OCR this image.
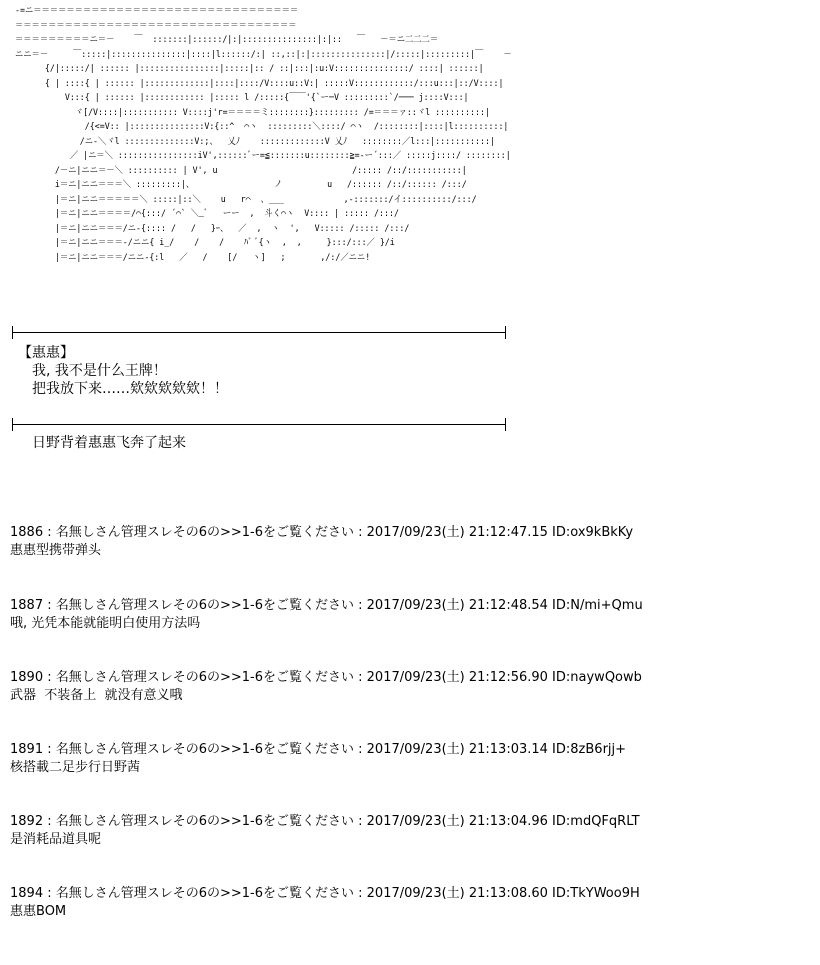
-=ニ＝＝＝＝＝＝＝＝＝＝＝＝＝＝＝＝＝＝＝＝＝＝＝＝＝＝＝＝＝＝＝＝
＝＝＝＝＝＝＝＝＝＝＝＝＝＝＝＝＝＝＝＝＝＝＝＝＝＝＝＝＝＝＝＝＝＝
＝＝＝＝＝＝＝＝＝ニ＝－    ￣  :::::::|::::::/|:|:::::::::::::::|:|::   ￣   －＝ニ二二二＝
ニニ＝－     ￣:::::|:::::::::::::::|::::|l::::::/:| ::,::|:|:::::::::::::::|/:::::|:::::::::|￣    －
{/|:::::/| :::::: |::::::::::::::::|:::::|:: / ::|:::|:u:V:::::::::::::::/ ::::| ::::::|
{ | ::::{ | :::::: |:::::::::::::|::::|::::/V::::u::V:| :::::V::::::::::::/:::u:::|::/V::::|
V:::{ | :::::: |:::::::::::: |::::: l /:::::{￣￣'{`ー─V :::::::::`/─── j::::V:::|
ヾ[/V::::|::::::::::: V::::j'r=＝＝＝＝ミ::::::::}::::::::: /=＝＝＝ァ::ヾl ::::::::::|
/{<=V:: |:::::::::::::::V:{::^  ⌒ヽ  :::::::::＼::::/ ⌒ヽ  /::::::::|::::|l::::::::::|
/ニ-＼ヾl ::::::::::::::V:;、  乂ﾉ    :::::::::::::V 乂ﾉ   ::::::::／l:::|:::::::::::|
／ |ニ＝＼ ::::::::::::::::iV',::::::ﾞー=≦:::::::u::::::::≧=-ー´:::／ :::::j::::/ ::::::::|
/－ニ|ニニ＝－＼ :::::::::: | V', u                           /::::: /::/:::::::::::|
i＝ニ|ニニ＝＝＝＼ :::::::::|、                ノ         u   /:::::: /::/:::::: /:::/
|＝ニ|ニニ＝＝＝＝＝＼ :::::|::＼    u   r⌒  、___            ,-:::::::/イ::::::::::/:::/
|＝ニ|ニニ＝＝＝＝/⌒{:::/ ´⌒` ＼_ﾞ   ーー  ,  斗く⌒ヽ  V:::: | ::::: /:::/
|＝ニ|ニニ＝＝＝/ニ-{:::: /   /   }ｰ、  ／  ,  ヽ  ',   V::::: /::::: /:::/
|＝ニ|ニニ＝＝＝-/ニニ{ i_/    /    /    ﾊﾞ ﾞ{ヽ  ,  ,     }:::/:::／ }/i
|＝ニ|ニニ＝＝＝/ニニ-{:l   ／   /    [/   ヽ]   ;       ,/:/／ニニ!
【惠惠】
我, 我不是什么王牌！
把我放下来……欸欸欸欸欸！！
日野背着惠惠飞奔了起来
1886 : 名無しさん管理スレその6の>>1-6をご覧ください : 2017/09/23(土) 21:12:47.15 ID:ox9kBkKy
惠惠型携带弹头
1887 : 名無しさん管理スレその6の>>1-6をご覧ください : 2017/09/23(土) 21:12:48.54 ID:N/mi+Qmu
哦, 光凭本能就能明白使用方法吗
1890 : 名無しさん管理スレその6の>>1-6をご覧ください : 2017/09/23(土) 21:12:56.90 ID:naywQowb
武器  不装备上  就没有意义哦
1891 : 名無しさん管理スレその6の>>1-6をご覧ください : 2017/09/23(土) 21:13:03.14 ID:8zB6rjj+
核搭載二足步行日野茜
1892 : 名無しさん管理スレその6の>>1-6をご覧ください : 2017/09/23(土) 21:13:04.96 ID:mdQFqRLT
是消耗品道具呢
1894 : 名無しさん管理スレその6の>>1-6をご覧ください : 2017/09/23(土) 21:13:08.60 ID:TkYWoo9H
惠惠BOM
